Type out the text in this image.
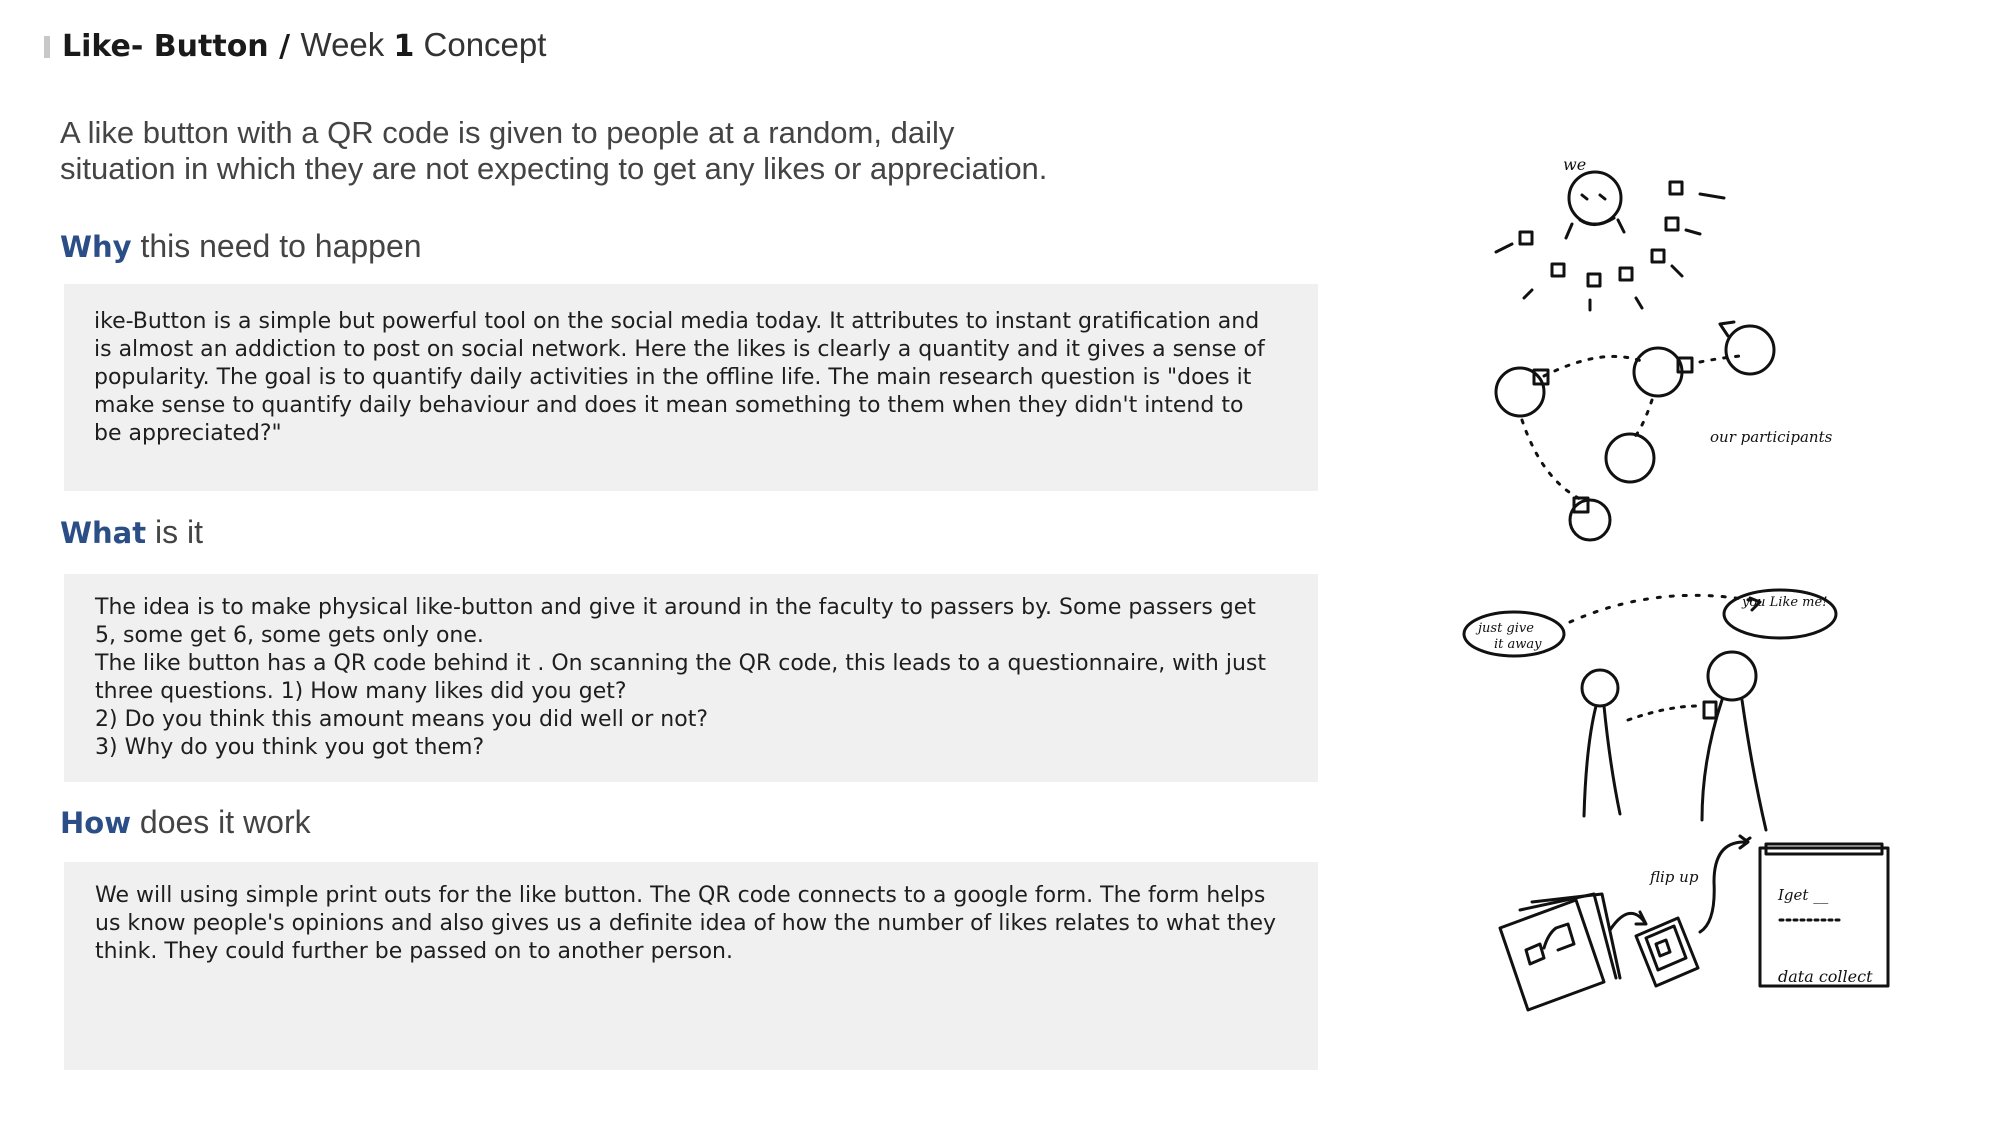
Like- Button / Week 1 Concept
A like button with a QR code is given to people at a random, daily situation in which they are not expecting to get any likes or appreciation.
Why this need to happen

ike-Button is a simple but powerful tool on the social media today. It attributes to instant gratification and is almost an addiction to post on social network. Here the likes is clearly a quantity and it gives a sense of popularity. The goal is to quantify daily activities in the offline life. The main research question is "does it make sense to quantify daily behaviour and does it mean something to them when they didn't intend to be appreciated?"

What is it

The idea is to make physical like-button and give it around in the faculty to passers by. Some passers get 5, some get 6, some gets only one.
The like button has a QR code behind it . On scanning the QR code, this leads to a questionnaire, with just three questions. 1) How many likes did you get?
2) Do you think this amount means you did well or not?
3) Why do you think you got them?

How does it work

We will using simple print outs for the like button. The QR code connects to a google form. The form helps us know people's opinions and also gives us a definite idea of how the number of likes relates to what they think. They could further be passed on to another person.

we
our participants
just give
it away
you Like me!
flip up
Iget __
data collect
